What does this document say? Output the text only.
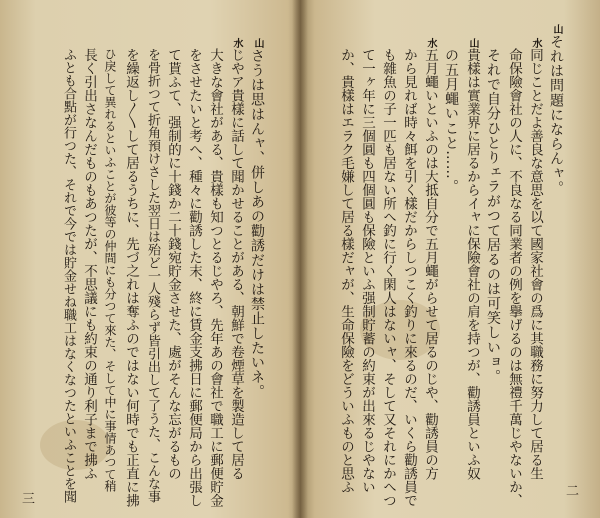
山それは問題にならんャ。
水同じことだよ善良な意思を以て國家社會の爲に其職務に努力して居る生
命保險會社の人に、不良なる同業者の例を擧げるのは無禮千萬じやないか、
それで自分ひとりェラがつて居るのは可笑しいョ。
山貴樣は實業界に居るからイャに保險會社の肩を持つが、勸誘員といふ奴
の五月蠅いこと……。
水五月蠅いといふのは大抵自分で五月蠅がらせて居るのじや、勸誘員の方
から見れば時々餌を引く樣だからしつこく釣りに來るのだ、いくら勸誘員で
も雜魚の子一匹も居ない所へ釣に行く閑人はないャ、そして又それにかへつ
て一ヶ年に三個圓も四個圓も保險といふ强制貯蓄の約束が出來るじやない
か、貴樣はエラク毛嫌して居る樣だャが、生命保險をどういふものと思ふ
山さうは思はんャ、併しあの勸誘だけは禁止したいネ。
水じやア貴樣に話して聞かせることがある、朝鮮で卷煙草を製造して居る
大きな會社がある、貴樣も知つとるじやろ、先年あの會社で職工に郵便貯金
をさせたいと考へ、種々に勸誘した末、終に賃金支拂日に郵便局から出張し
て貰ふて、强制的に十錢か二十錢宛貯金させた、處がそんな忘がるもの
を骨折つて折角預けさした翌日は殆ど一人殘らず皆引出して了うた、こんな事
を繰返し〳〵して居るうちに、先づ之れは奪ふのではない何時でも正直に拂
ひ戾して異れるといふことが彼等の仲間にも分つて來た、そして中に事情あつて稍
長く引出さなんだものもあつたが、不思議にも約束の通り利子まで拂ふ
ふとも合點が行つた、それで今では貯金せね職工はなくなつたといふことを聞	二
三
